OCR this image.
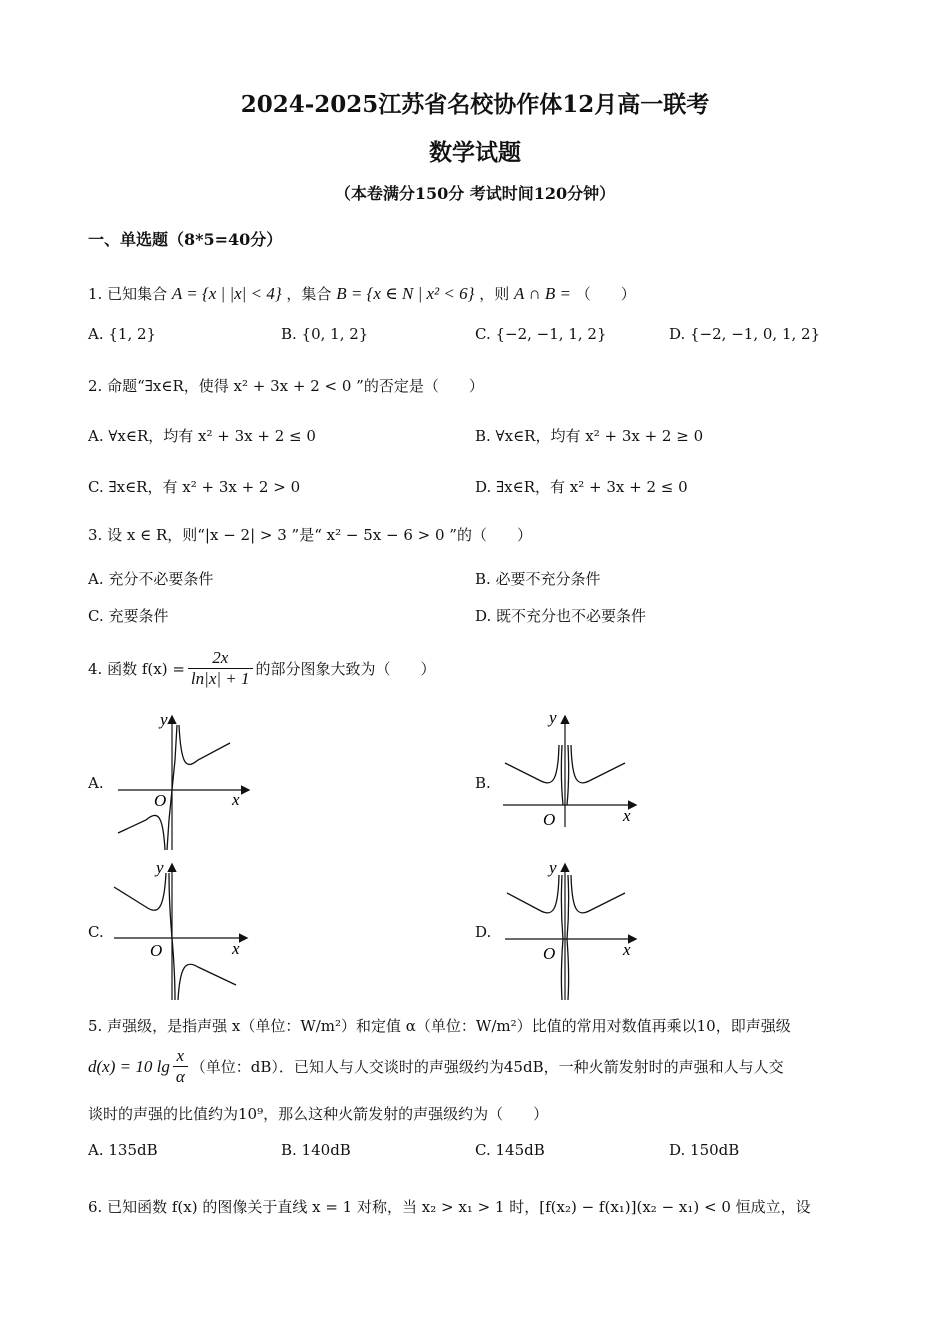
2024-2025江苏省名校协作体12月高一联考
数学试题
（本卷满分150分 考试时间120分钟）
一、单选题（8*5=40分）
1. 已知集合 A = {x | |x| < 4} ，集合 B = {x ∈ N | x² < 6} ，则 A ∩ B = （　　）
A. {1, 2}	B. {0, 1, 2}	C. {−2, −1, 1, 2}	D. {−2, −1, 0, 1, 2}
2. 命题“∃x∈R，使得 x² + 3x + 2 < 0 ”的否定是（　　）
A. ∀x∈R，均有 x² + 3x + 2 ≤ 0	B. ∀x∈R，均有 x² + 3x + 2 ≥ 0
C. ∃x∈R，有 x² + 3x + 2 > 0	D. ∃x∈R，有 x² + 3x + 2 ≤ 0
3. 设 x ∈ R，则“|x − 2| > 3 ”是“ x² − 5x − 6 > 0 ”的（　　）
A. 充分不必要条件	B. 必要不充分条件
C. 充要条件	D. 既不充分也不必要条件
4.
函数 $f(x) = \frac{2x}{\ln|x| + 1}$ 的部分图象大致为（　　）
A.	B.
C.	D.
y
x
O
y
x
O
y
x
O
y
x
O
5. 声强级，是指声强 x（单位：W/m²）和定值 α（单位：W/m²）比值的常用对数值再乘以10，即声强级
d(x) = 10 $\lg \frac{x}{\alpha}$ （单位：dB）．已知人与人交谈时的声强级约为45dB，一种火箭发射时的声强和人与人交
谈时的声强的比值约为10⁹，那么这种火箭发射的声强级约为（　　）
A. 135dB	B. 140dB	C. 145dB	D. 150dB
6. 已知函数 f(x) 的图像关于直线 x = 1 对称，当 x₂ > x₁ > 1 时，[f(x₂) − f(x₁)](x₂ − x₁) < 0 恒成立，设
